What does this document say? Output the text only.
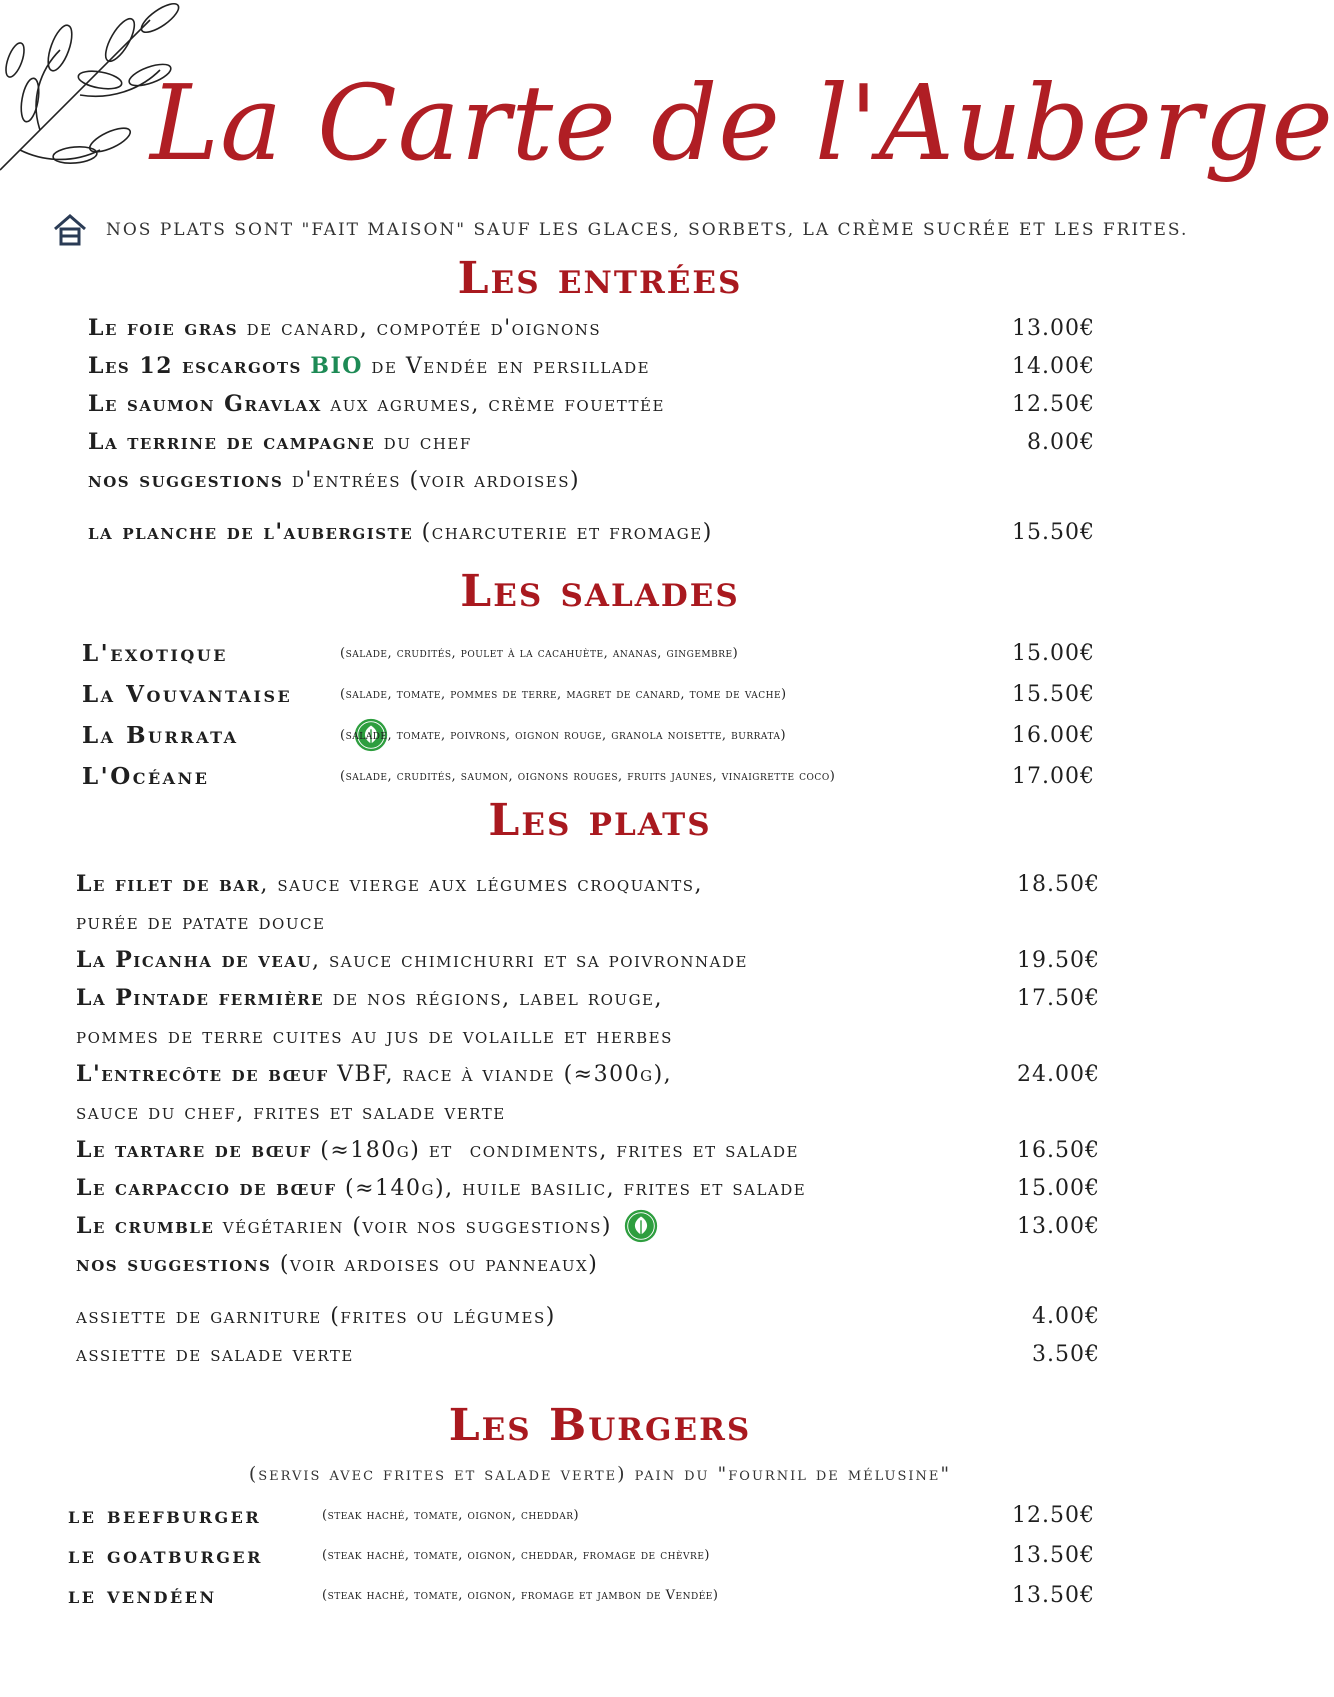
La Carte de l'Auberge
NOS PLATS SONT "FAIT MAISON" SAUF LES GLACES, SORBETS, LA CRÈME SUCRÉE ET LES FRITES.
Les entrées
Le foie gras de canard, compotée d'oignons	13.00€
Les 12 escargots
BIO de Vendée en persillade	14.00€
Le saumon Gravlax aux agrumes, crème fouettée	12.50€
La terrine de campagne du chef	8.00€
nos suggestions d'entrées (voir ardoises)
la planche de l'aubergiste (charcuterie et fromage)	15.50€
Les salades
L'exotique	(salade, crudités, poulet à la cacahuète, ananas, gingembre)	15.00€
La Vouvantaise	(salade, tomate, pommes de terre, magret de canard, tome de vache)	15.50€
La Burrata	(salade, tomate, poivrons, oignon rouge, granola noisette, burrata)	16.00€
L'Océane	(salade, crudités, saumon, oignons rouges, fruits jaunes, vinaigrette coco)	17.00€
Les plats
Le filet de bar , sauce vierge aux légumes croquants,	18.50€
purée de patate douce
La Picanha de veau , sauce chimichurri et sa poivronnade	19.50€
La Pintade fermière de nos régions, label rouge,	17.50€
pommes de terre cuites au jus de volaille et herbes
L'entrecôte de bœuf VBF, race à viande (≈300g),	24.00€
sauce du chef, frites et salade verte
Le tartare de bœuf (≈180g) et  condiments, frites et salade	16.50€
Le carpaccio de bœuf (≈140g), huile basilic, frites et salade	15.00€
Le crumble végétarien (voir nos suggestions)	13.00€
nos suggestions (voir ardoises ou panneaux)
assiette de garniture (frites ou légumes)	4.00€
assiette de salade verte	3.50€
Les Burgers
(servis avec frites et salade verte) pain du "fournil de mélusine"
le beefburger	(steak haché, tomate, oignon, cheddar)	12.50€
le goatburger	(steak haché, tomate, oignon, cheddar, fromage de chèvre)	13.50€
le vendéen	(steak haché, tomate, oignon, fromage et jambon de Vendée)	13.50€
